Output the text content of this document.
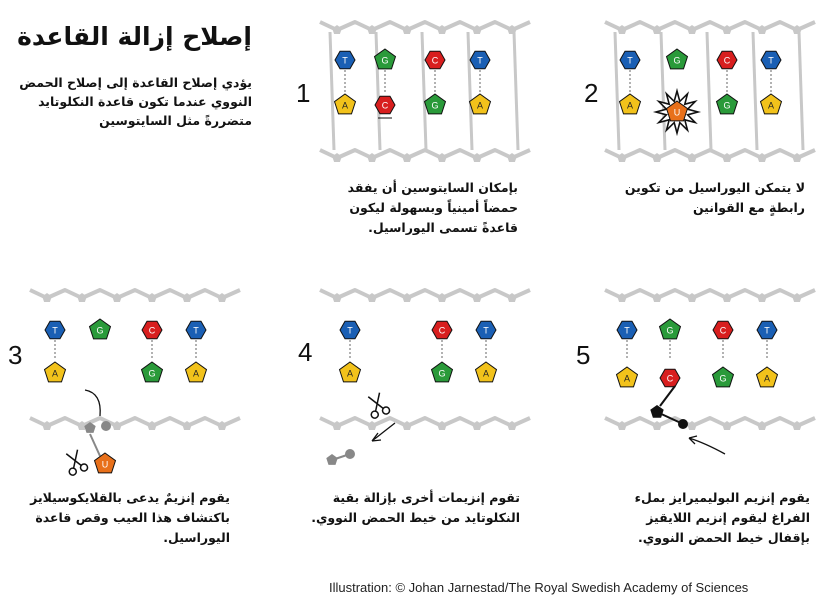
إصلاح إزالة القاعدة

يؤدي إصلاح القاعدة إلى إصلاح الحمض النووي عندما تكون قاعدة النكلوتايد متضررةً مثل السايتوسين

1
T
A
G
C
C
G
T
A

بإمكان السايتوسين أن يفقد حمضاً أمينياً وبسهولة ليكون قاعدةً تسمى اليوراسيل.

2
T
A
G
U
C
G
T
A

لا يتمكن اليوراسيل من تكوين رابطةٍ مع القوانين

3
T
A
G	C
G
T
A
U

يقوم إنزيمٌ يدعى بالقلايكوسيلايز باكتشاف هذا العيب وقص قاعدة اليوراسيل.

4
T
A
C
G
T
A

تقوم إنزيمات أخرى بإزالة بقية النكلوتايد من خيط الحمض النووي.

5
T
A
G
C
C
G
T
A

يقوم إنزيم البوليميرايز بملء الفراغ ليقوم إنزيم اللايقيز بإقفال خيط الحمض النووي.

Illustration: © Johan Jarnestad/The Royal Swedish Academy of Sciences
